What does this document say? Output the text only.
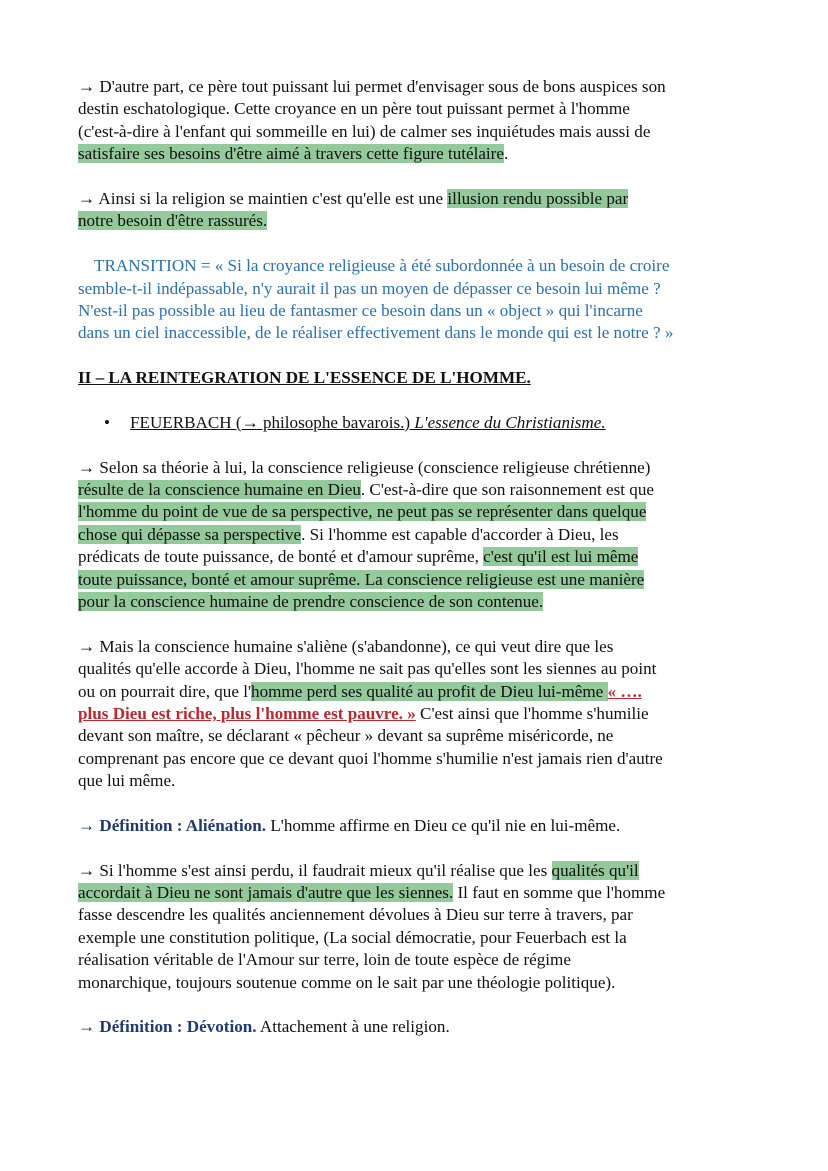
→ D'autre part, ce père tout puissant lui permet d'envisager sous de bons auspices son
destin eschatologique. Cette croyance en un père tout puissant permet à l'homme
(c'est-à-dire à l'enfant qui sommeille en lui) de calmer ses inquiétudes mais aussi de
satisfaire ses besoins d'être aimé à travers cette figure tutélaire.
→ Ainsi si la religion se maintien c'est qu'elle est une illusion rendu possible par
notre besoin d'être rassurés.
TRANSITION = « Si la croyance religieuse à été subordonnée à un besoin de croire
semble-t-il indépassable, n'y aurait il pas un moyen de dépasser ce besoin lui même ?
N'est-il pas possible au lieu de fantasmer ce besoin dans un « object » qui l'incarne
dans un ciel inaccessible, de le réaliser effectivement dans le monde qui est le notre ? »
II – LA REINTEGRATION DE L'ESSENCE DE L'HOMME.
• FEUERBACH (→ philosophe bavarois.) L'essence du Christianisme.
→ Selon sa théorie à lui, la conscience religieuse (conscience religieuse chrétienne)
résulte de la conscience humaine en Dieu. C'est-à-dire que son raisonnement est que
l'homme du point de vue de sa perspective, ne peut pas se représenter dans quelque
chose qui dépasse sa perspective. Si l'homme est capable d'accorder à Dieu, les
prédicats de toute puissance, de bonté et d'amour suprême, c'est qu'il est lui même
toute puissance, bonté et amour suprême. La conscience religieuse est une manière
pour la conscience humaine de prendre conscience de son contenue.
→ Mais la conscience humaine s'aliène (s'abandonne), ce qui veut dire que les
qualités qu'elle accorde à Dieu, l'homme ne sait pas qu'elles sont les siennes au point
ou on pourrait dire, que l'homme perd ses qualité au profit de Dieu lui-même « ….
plus Dieu est riche, plus l'homme est pauvre. » C'est ainsi que l'homme s'humilie
devant son maître, se déclarant « pêcheur » devant sa suprême miséricorde, ne
comprenant pas encore que ce devant quoi l'homme s'humilie n'est jamais rien d'autre
que lui même.
→ Définition : Aliénation. L'homme affirme en Dieu ce qu'il nie en lui-même.
→ Si l'homme s'est ainsi perdu, il faudrait mieux qu'il réalise que les qualités qu'il
accordait à Dieu ne sont jamais d'autre que les siennes. Il faut en somme que l'homme
fasse descendre les qualités anciennement dévolues à Dieu sur terre à travers, par
exemple une constitution politique, (La social démocratie, pour Feuerbach est la
réalisation véritable de l'Amour sur terre, loin de toute espèce de régime
monarchique, toujours soutenue comme on le sait par une théologie politique).
→ Définition : Dévotion. Attachement à une religion.
